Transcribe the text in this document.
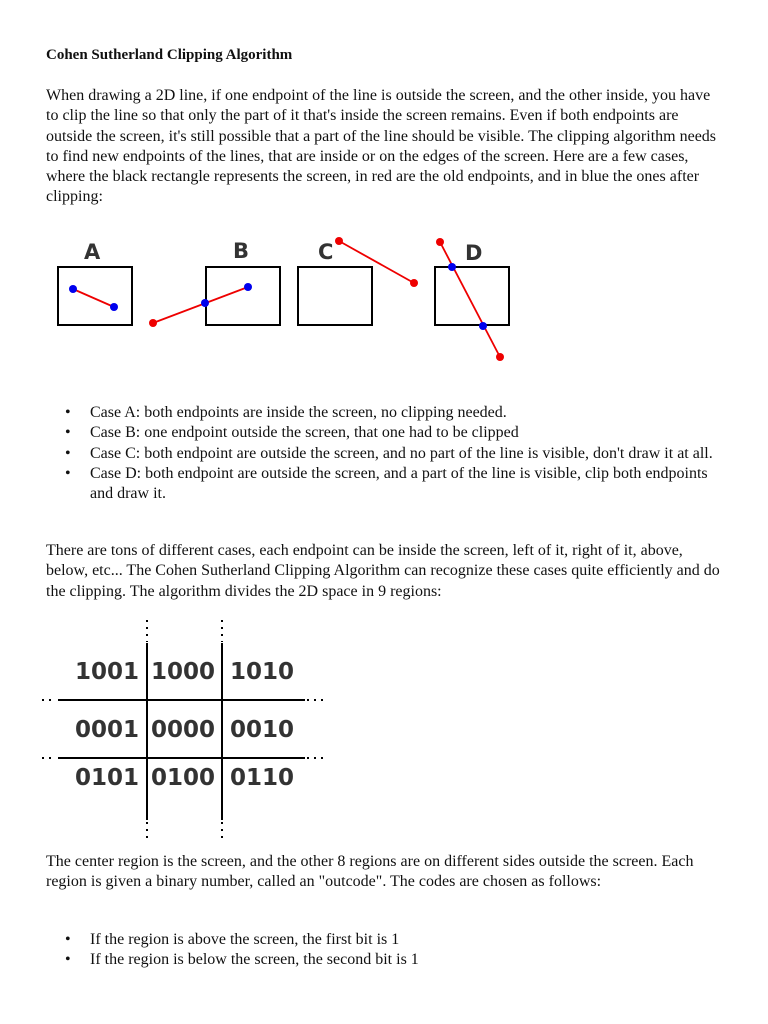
Cohen Sutherland Clipping Algorithm

When drawing a 2D line, if one endpoint of the line is outside the screen, and the other inside, you have to clip the line so that only the part of it that's inside the screen remains. Even if both endpoints are outside the screen, it's still possible that a part of the line should be visible. The clipping algorithm needs to find new endpoints of the lines, that are inside or on the edges of the screen. Here are a few cases, where the black rectangle represents the screen, in red are the old endpoints, and in blue the ones after clipping:

• Case A: both endpoints are inside the screen, no clipping needed.
• Case B: one endpoint outside the screen, that one had to be clipped
• Case C: both endpoint are outside the screen, and no part of the line is visible, don't draw it at all.
• Case D: both endpoint are outside the screen, and a part of the line is visible, clip both endpoints and draw it.

There are tons of different cases, each endpoint can be inside the screen, left of it, right of it, above, below, etc... The Cohen Sutherland Clipping Algorithm can recognize these cases quite efficiently and do the clipping. The algorithm divides the 2D space in 9 regions:

The center region is the screen, and the other 8 regions are on different sides outside the screen. Each region is given a binary number, called an "outcode". The codes are chosen as follows:

• If the region is above the screen, the first bit is 1
• If the region is below the screen, the second bit is 1
A	B	C	D
1001 1000 1010
0001 0000 0010
0101 0100 0110
